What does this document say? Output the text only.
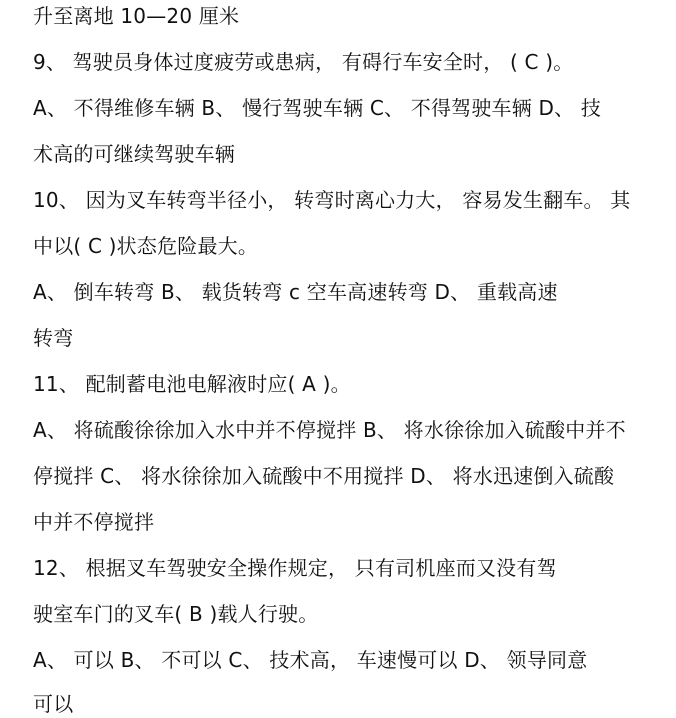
升至离地 10—20 厘米
9、 驾驶员身体过度疲劳或患病， 有碍行车安全时， ( C )。
A、 不得维修车辆 B、 慢行驾驶车辆 C、 不得驾驶车辆 D、 技
术高的可继续驾驶车辆
10、 因为叉车转弯半径小， 转弯时离心力大， 容易发生翻车。 其
中以( C )状态危险最大。
A、 倒车转弯 B、 载货转弯 c 空车高速转弯 D、 重载高速
转弯
11、 配制蓄电池电解液时应( A )。
A、 将硫酸徐徐加入水中并不停搅拌 B、 将水徐徐加入硫酸中并不
停搅拌 C、 将水徐徐加入硫酸中不用搅拌 D、 将水迅速倒入硫酸
中并不停搅拌
12、 根据叉车驾驶安全操作规定， 只有司机座而又没有驾
驶室车门的叉车( B )载人行驶。
A、 可以 B、 不可以 C、 技术高， 车速慢可以 D、 领导同意
可以
